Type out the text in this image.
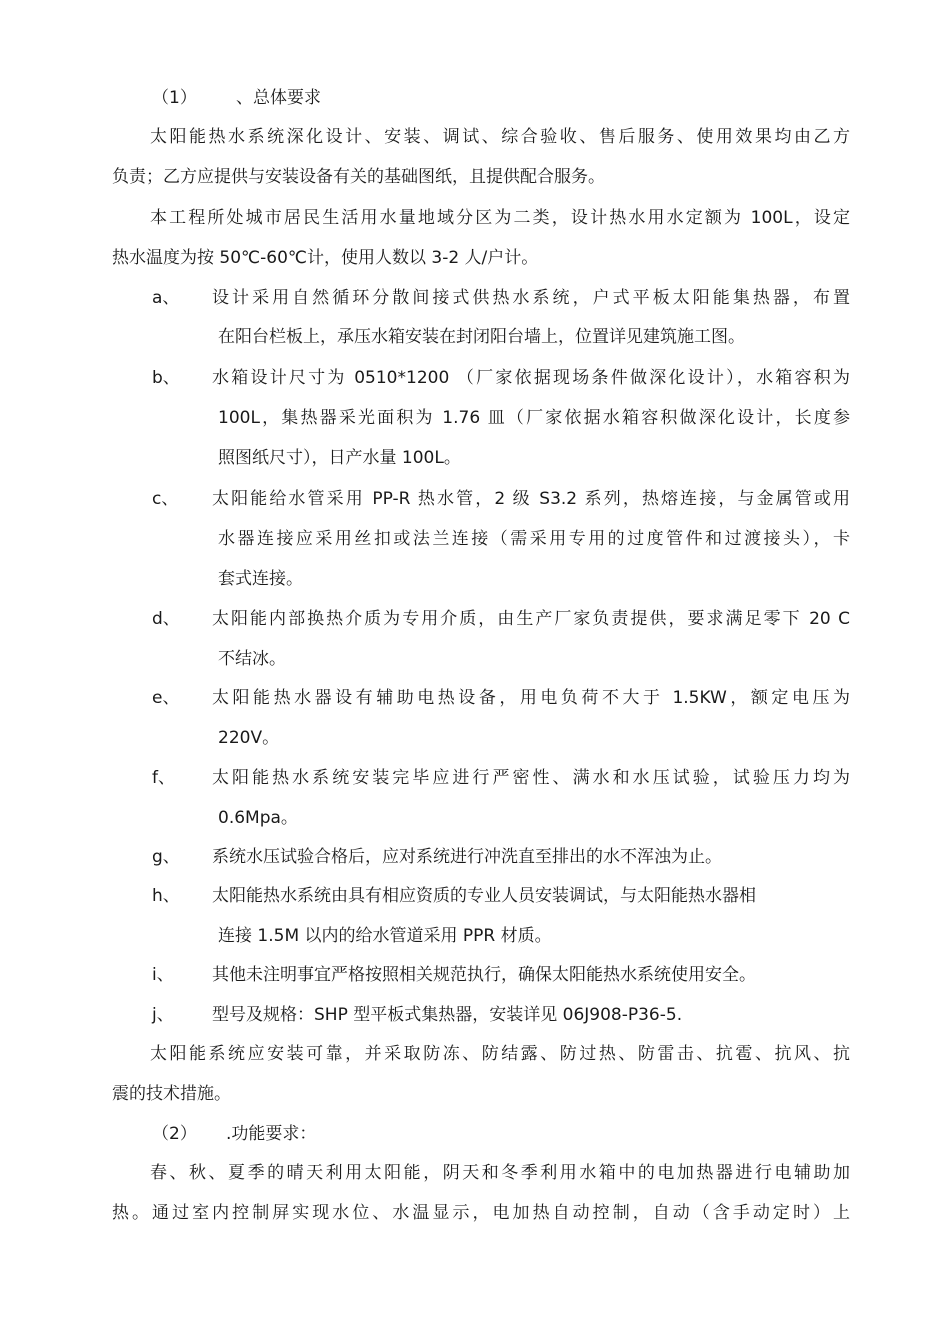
（1） 、总体要求
太阳能热水系统深化设计、安装、调试、综合验收、售后服务、使用效果均由乙方
负责；乙方应提供与安装设备有关的基础图纸，且提供配合服务。
本工程所处城市居民生活用水量地域分区为二类，设计热水用水定额为 100L，设定
热水温度为按 50℃-60℃计，使用人数以 3-2 人/户计。
a、 设计采用自然循环分散间接式供热水系统，户式平板太阳能集热器，布置
在阳台栏板上，承压水箱安装在封闭阳台墙上，位置详见建筑施工图。
b、 水箱设计尺寸为 0510*1200 （厂家依据现场条件做深化设计），水箱容积为
100L，集热器采光面积为 1.76 皿（厂家依据水箱容积做深化设计，长度参
照图纸尺寸），日产水量 100L。
c、 太阳能给水管采用 PP-R 热水管，2 级 S3.2 系列，热熔连接，与金属管或用
水器连接应采用丝扣或法兰连接（需采用专用的过度管件和过渡接头），卡
套式连接。
d、 太阳能内部换热介质为专用介质，由生产厂家负责提供，要求满足零下 20 C
不结冰。
e、 太阳能热水器设有辅助电热设备，用电负荷不大于 1.5KW，额定电压为
220V。
f、 太阳能热水系统安装完毕应进行严密性、满水和水压试验，试验压力均为
0.6Mpa。
g、 系统水压试验合格后，应对系统进行冲洗直至排出的水不浑浊为止。
h、 太阳能热水系统由具有相应资质的专业人员安装调试，与太阳能热水器相
连接 1.5M 以内的给水管道采用 PPR 材质。
i、 其他未注明事宜严格按照相关规范执行，确保太阳能热水系统使用安全。
j、 型号及规格：SHP 型平板式集热器，安装详见 06J908-P36-5.
太阳能系统应安装可靠，并采取防冻、防结露、防过热、防雷击、抗雹、抗风、抗
震的技术措施。
（2） .功能要求：
春、秋、夏季的晴天利用太阳能，阴天和冬季利用水箱中的电加热器进行电辅助加
热。通过室内控制屏实现水位、水温显示，电加热自动控制，自动（含手动定时）上
